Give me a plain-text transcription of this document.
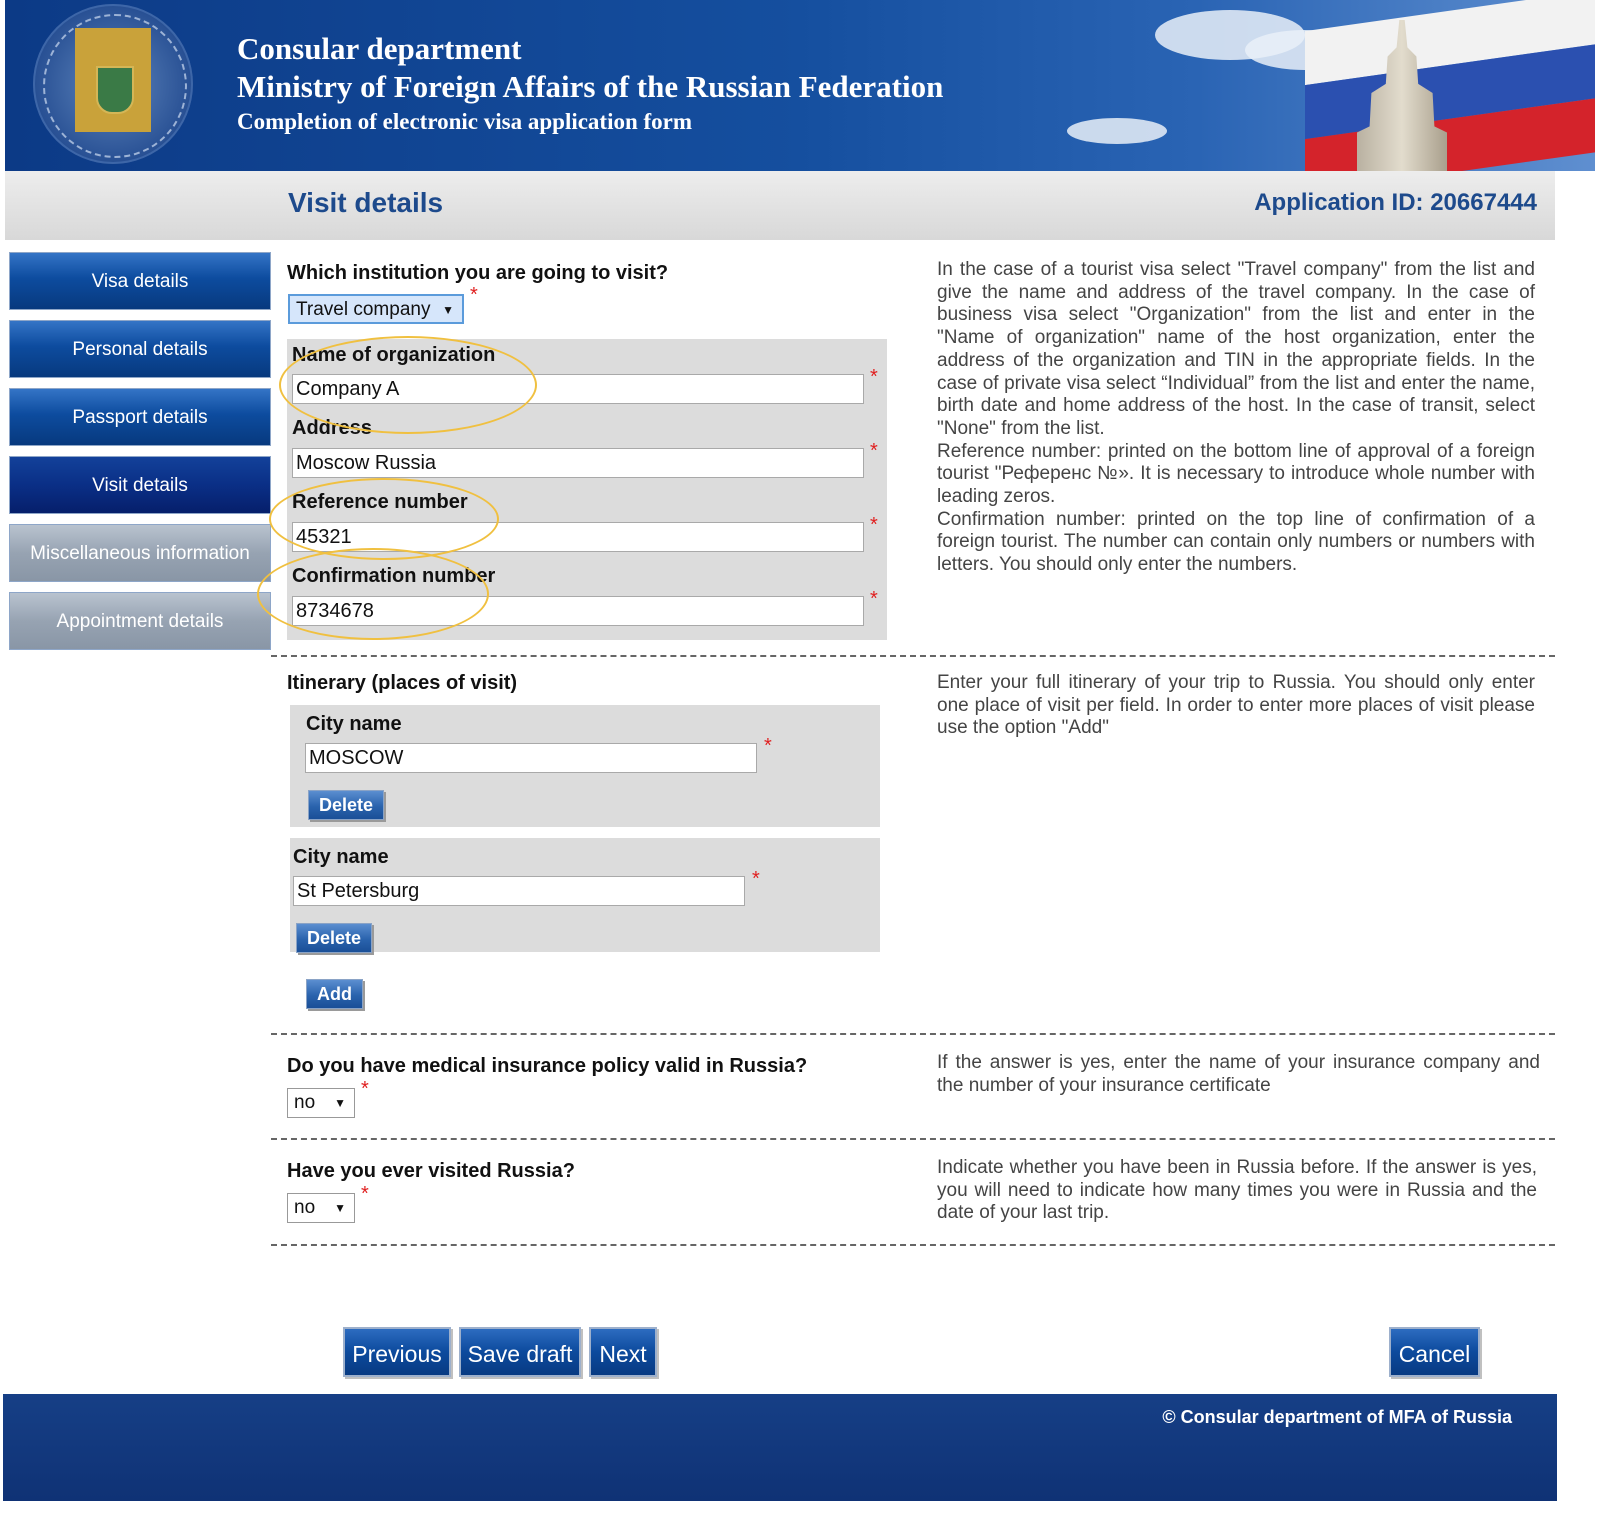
Consular department
Ministry of Foreign Affairs of the Russian Federation
Completion of electronic visa application form
Visit details	Application ID: 20667444
Visa details
Personal details
Passport details
Visit details
Miscellaneous information
Appointment details
Which institution you are going to visit?
Travel company ▼
*
Name of organization
Company A
*
Address
Moscow Russia
*
Reference number
45321
*
Confirmation number
8734678
*
In the case of a tourist visa select "Travel company" from the list and give the name and address of the travel company. In the case of business visa select "Organization" from the list and enter in the "Name of organization" name of the host organization, enter the address of the organization and TIN in the appropriate fields. In the case of private visa select “Individual” from the list and enter the name, birth date and home address of the host. In the case of transit, select "None" from the list.
Reference number: printed on the bottom line of approval of a foreign tourist "Референс №». It is necessary to introduce whole number with leading zeros.
Confirmation number: printed on the top line of confirmation of a foreign tourist. The number can contain only numbers or numbers with letters. You should only enter the numbers.
Itinerary (places of visit)
City name
MOSCOW
*
Delete
City name
St Petersburg
*
Delete
Add
Enter your full itinerary of your trip to Russia. You should only enter one place of visit per field. In order to enter more places of visit please use the option "Add"
Do you have medical insurance policy valid in Russia?
no ▼
*
If the answer is yes, enter the name of your insurance company and the number of your insurance certificate
Have you ever visited Russia?
no ▼
*
Indicate whether you have been in Russia before. If the answer is yes, you will need to indicate how many times you were in Russia and the date of your last trip.
Previous	Save draft	Next	Cancel
© Consular department of MFA of Russia
